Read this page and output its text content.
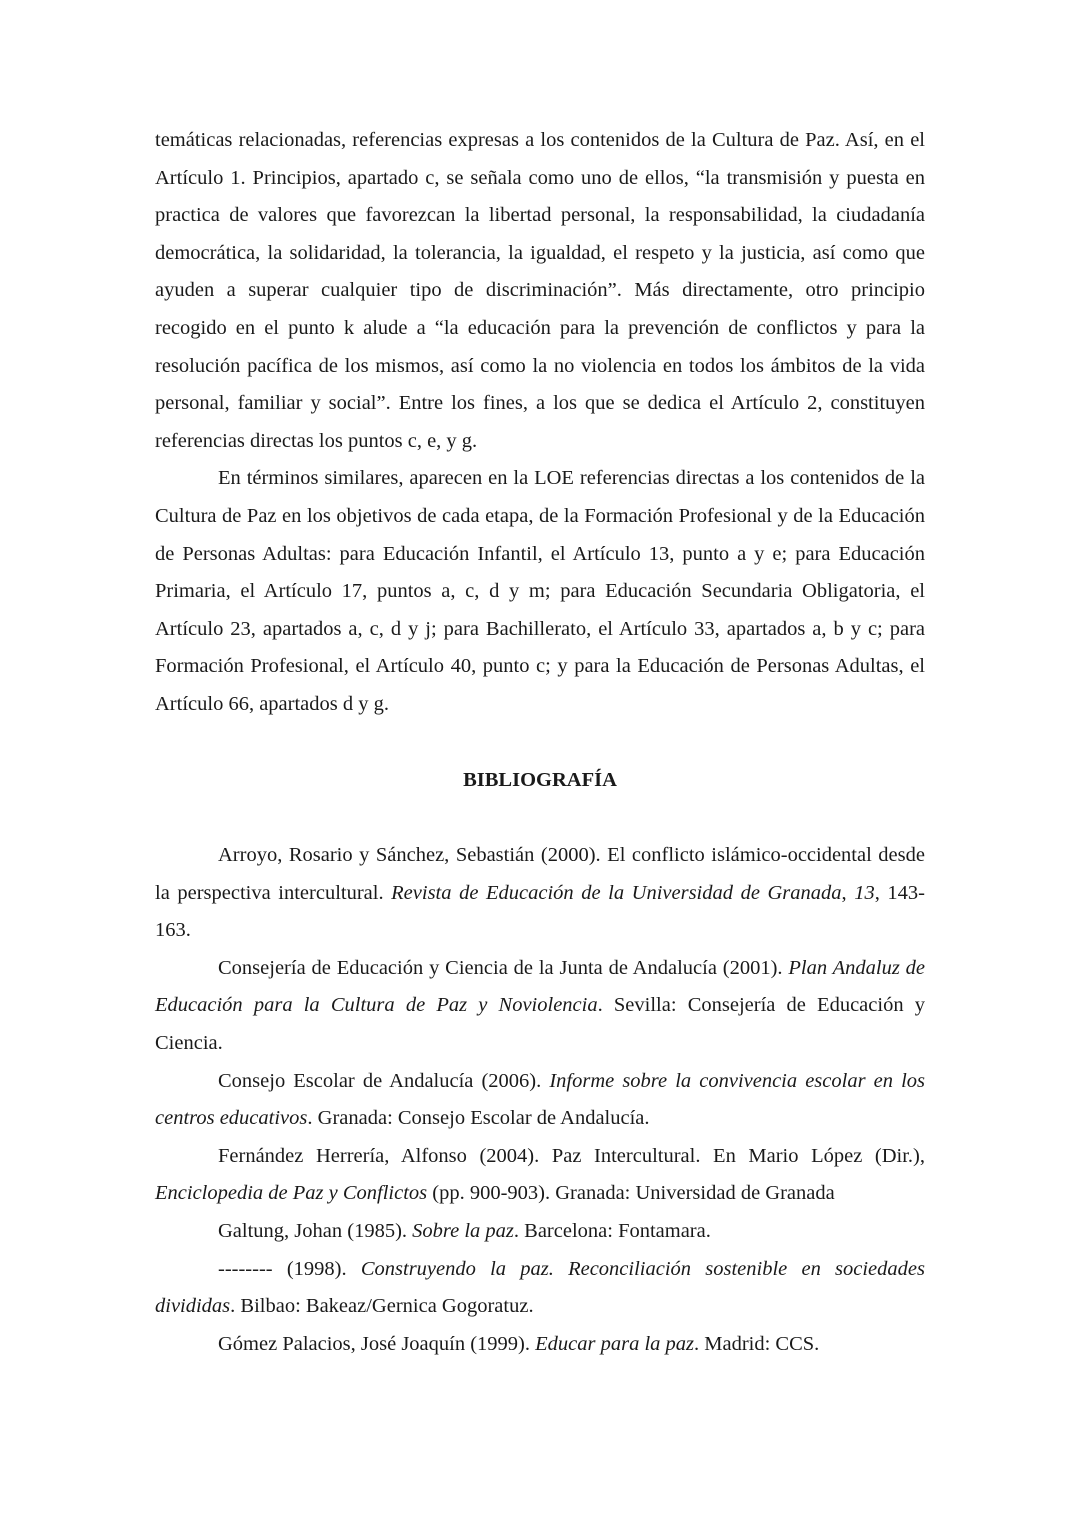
temáticas relacionadas, referencias expresas a los contenidos de la Cultura de Paz. Así, en el Artículo 1. Principios, apartado c, se señala como uno de ellos, “la transmisión y puesta en practica de valores que favorezcan la libertad personal, la responsabilidad, la ciudadanía democrática, la solidaridad, la tolerancia, la igualdad, el respeto y la justicia, así como que ayuden a superar cualquier tipo de discriminación”. Más directamente, otro principio recogido en el punto k alude a “la educación para la prevención de conflictos y para la resolución pacífica de los mismos, así como la no violencia en todos los ámbitos de la vida personal, familiar y social”. Entre los fines, a los que se dedica el Artículo 2, constituyen referencias directas los puntos c, e, y g.

En términos similares, aparecen en la LOE referencias directas a los contenidos de la Cultura de Paz en los objetivos de cada etapa, de la Formación Profesional y de la Educación de Personas Adultas: para Educación Infantil, el Artículo 13, punto a y e; para Educación Primaria, el Artículo 17, puntos a, c, d y m; para Educación Secundaria Obligatoria, el Artículo 23, apartados a, c, d y j; para Bachillerato, el Artículo 33, apartados a, b y c; para Formación Profesional, el Artículo 40, punto c; y para la Educación de Personas Adultas, el Artículo 66, apartados d y g.

BIBLIOGRAFÍA

Arroyo, Rosario y Sánchez, Sebastián (2000). El conflicto islámico-occidental desde la perspectiva intercultural. Revista de Educación de la Universidad de Granada, 13, 143-163.

Consejería de Educación y Ciencia de la Junta de Andalucía (2001). Plan Andaluz de Educación para la Cultura de Paz y Noviolencia. Sevilla: Consejería de Educación y Ciencia.

Consejo Escolar de Andalucía (2006). Informe sobre la convivencia escolar en los centros educativos. Granada: Consejo Escolar de Andalucía.

Fernández Herrería, Alfonso (2004). Paz Intercultural. En Mario López (Dir.), Enciclopedia de Paz y Conflictos (pp. 900-903). Granada: Universidad de Granada

Galtung, Johan (1985). Sobre la paz. Barcelona: Fontamara.

-------- (1998). Construyendo la paz. Reconciliación sostenible en sociedades divididas. Bilbao: Bakeaz/Gernica Gogoratuz.

Gómez Palacios, José Joaquín (1999). Educar para la paz. Madrid: CCS.
